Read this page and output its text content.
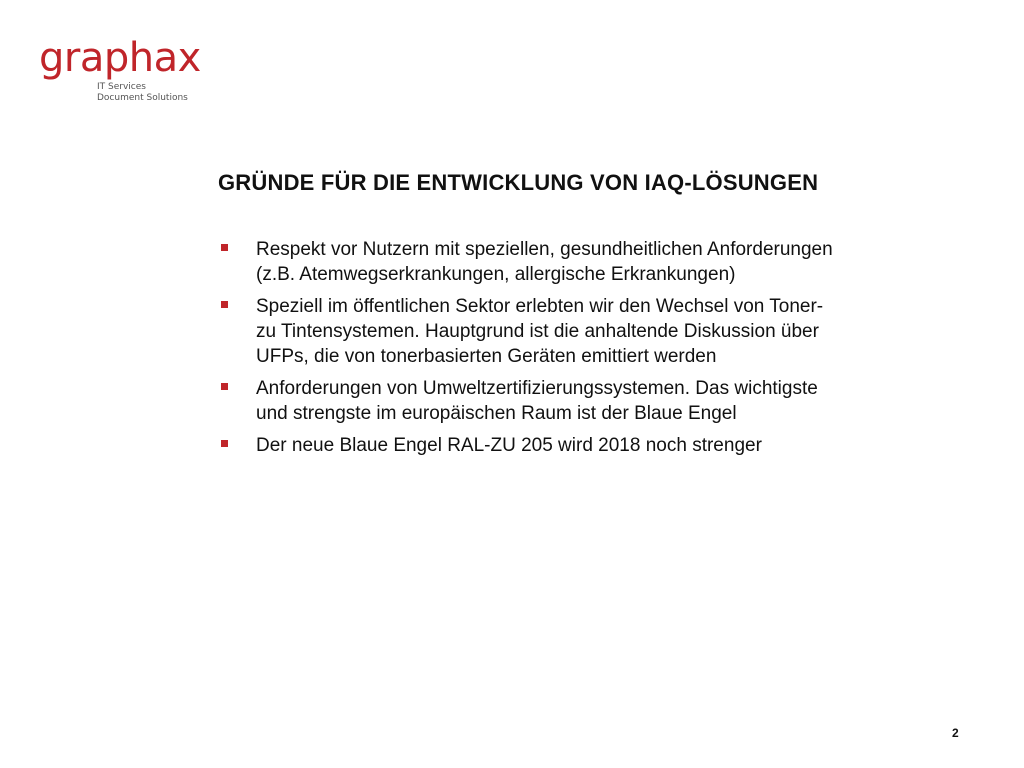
graphax
IT Services
Document Solutions
GRÜNDE FÜR DIE ENTWICKLUNG VON IAQ-LÖSUNGEN
Respekt vor Nutzern mit speziellen, gesundheitlichen Anforderungen
(z.B. Atemwegserkrankungen, allergische Erkrankungen)
Speziell im öffentlichen Sektor erlebten wir den Wechsel von Toner-
zu Tintensystemen. Hauptgrund ist die anhaltende Diskussion über
UFPs, die von tonerbasierten Geräten emittiert werden
Anforderungen von Umweltzertifizierungssystemen. Das wichtigste
und strengste im europäischen Raum ist der Blaue Engel
Der neue Blaue Engel RAL-ZU 205 wird 2018 noch strenger
2
